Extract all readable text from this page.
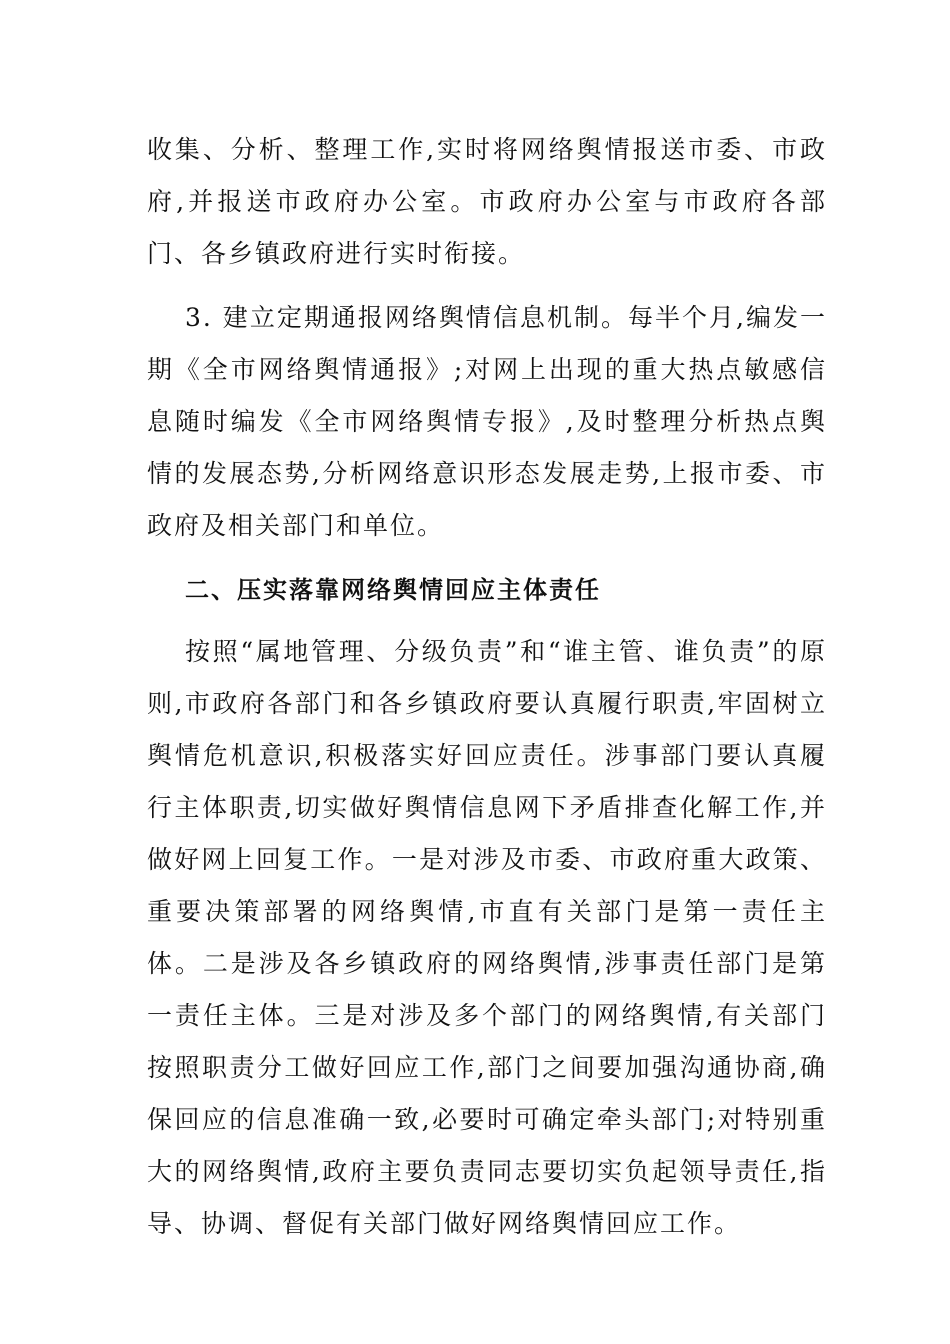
收集、分析、整理工作,实时将网络舆情报送市委、市政府,并报送市政府办公室。市政府办公室与市政府各部门、各乡镇政府进行实时衔接。

3. 建立定期通报网络舆情信息机制。每半个月,编发一期《全市网络舆情通报》;对网上出现的重大热点敏感信息随时编发《全市网络舆情专报》,及时整理分析热点舆情的发展态势,分析网络意识形态发展走势,上报市委、市政府及相关部门和单位。

二、压实落靠网络舆情回应主体责任

按照“属地管理、分级负责”和“谁主管、谁负责”的原则,市政府各部门和各乡镇政府要认真履行职责,牢固树立舆情危机意识,积极落实好回应责任。涉事部门要认真履行主体职责,切实做好舆情信息网下矛盾排查化解工作,并做好网上回复工作。一是对涉及市委、市政府重大政策、重要决策部署的网络舆情,市直有关部门是第一责任主体。二是涉及各乡镇政府的网络舆情,涉事责任部门是第一责任主体。三是对涉及多个部门的网络舆情,有关部门按照职责分工做好回应工作,部门之间要加强沟通协商,确保回应的信息准确一致,必要时可确定牵头部门;对特别重大的网络舆情,政府主要负责同志要切实负起领导责任,指导、协调、督促有关部门做好网络舆情回应工作。
